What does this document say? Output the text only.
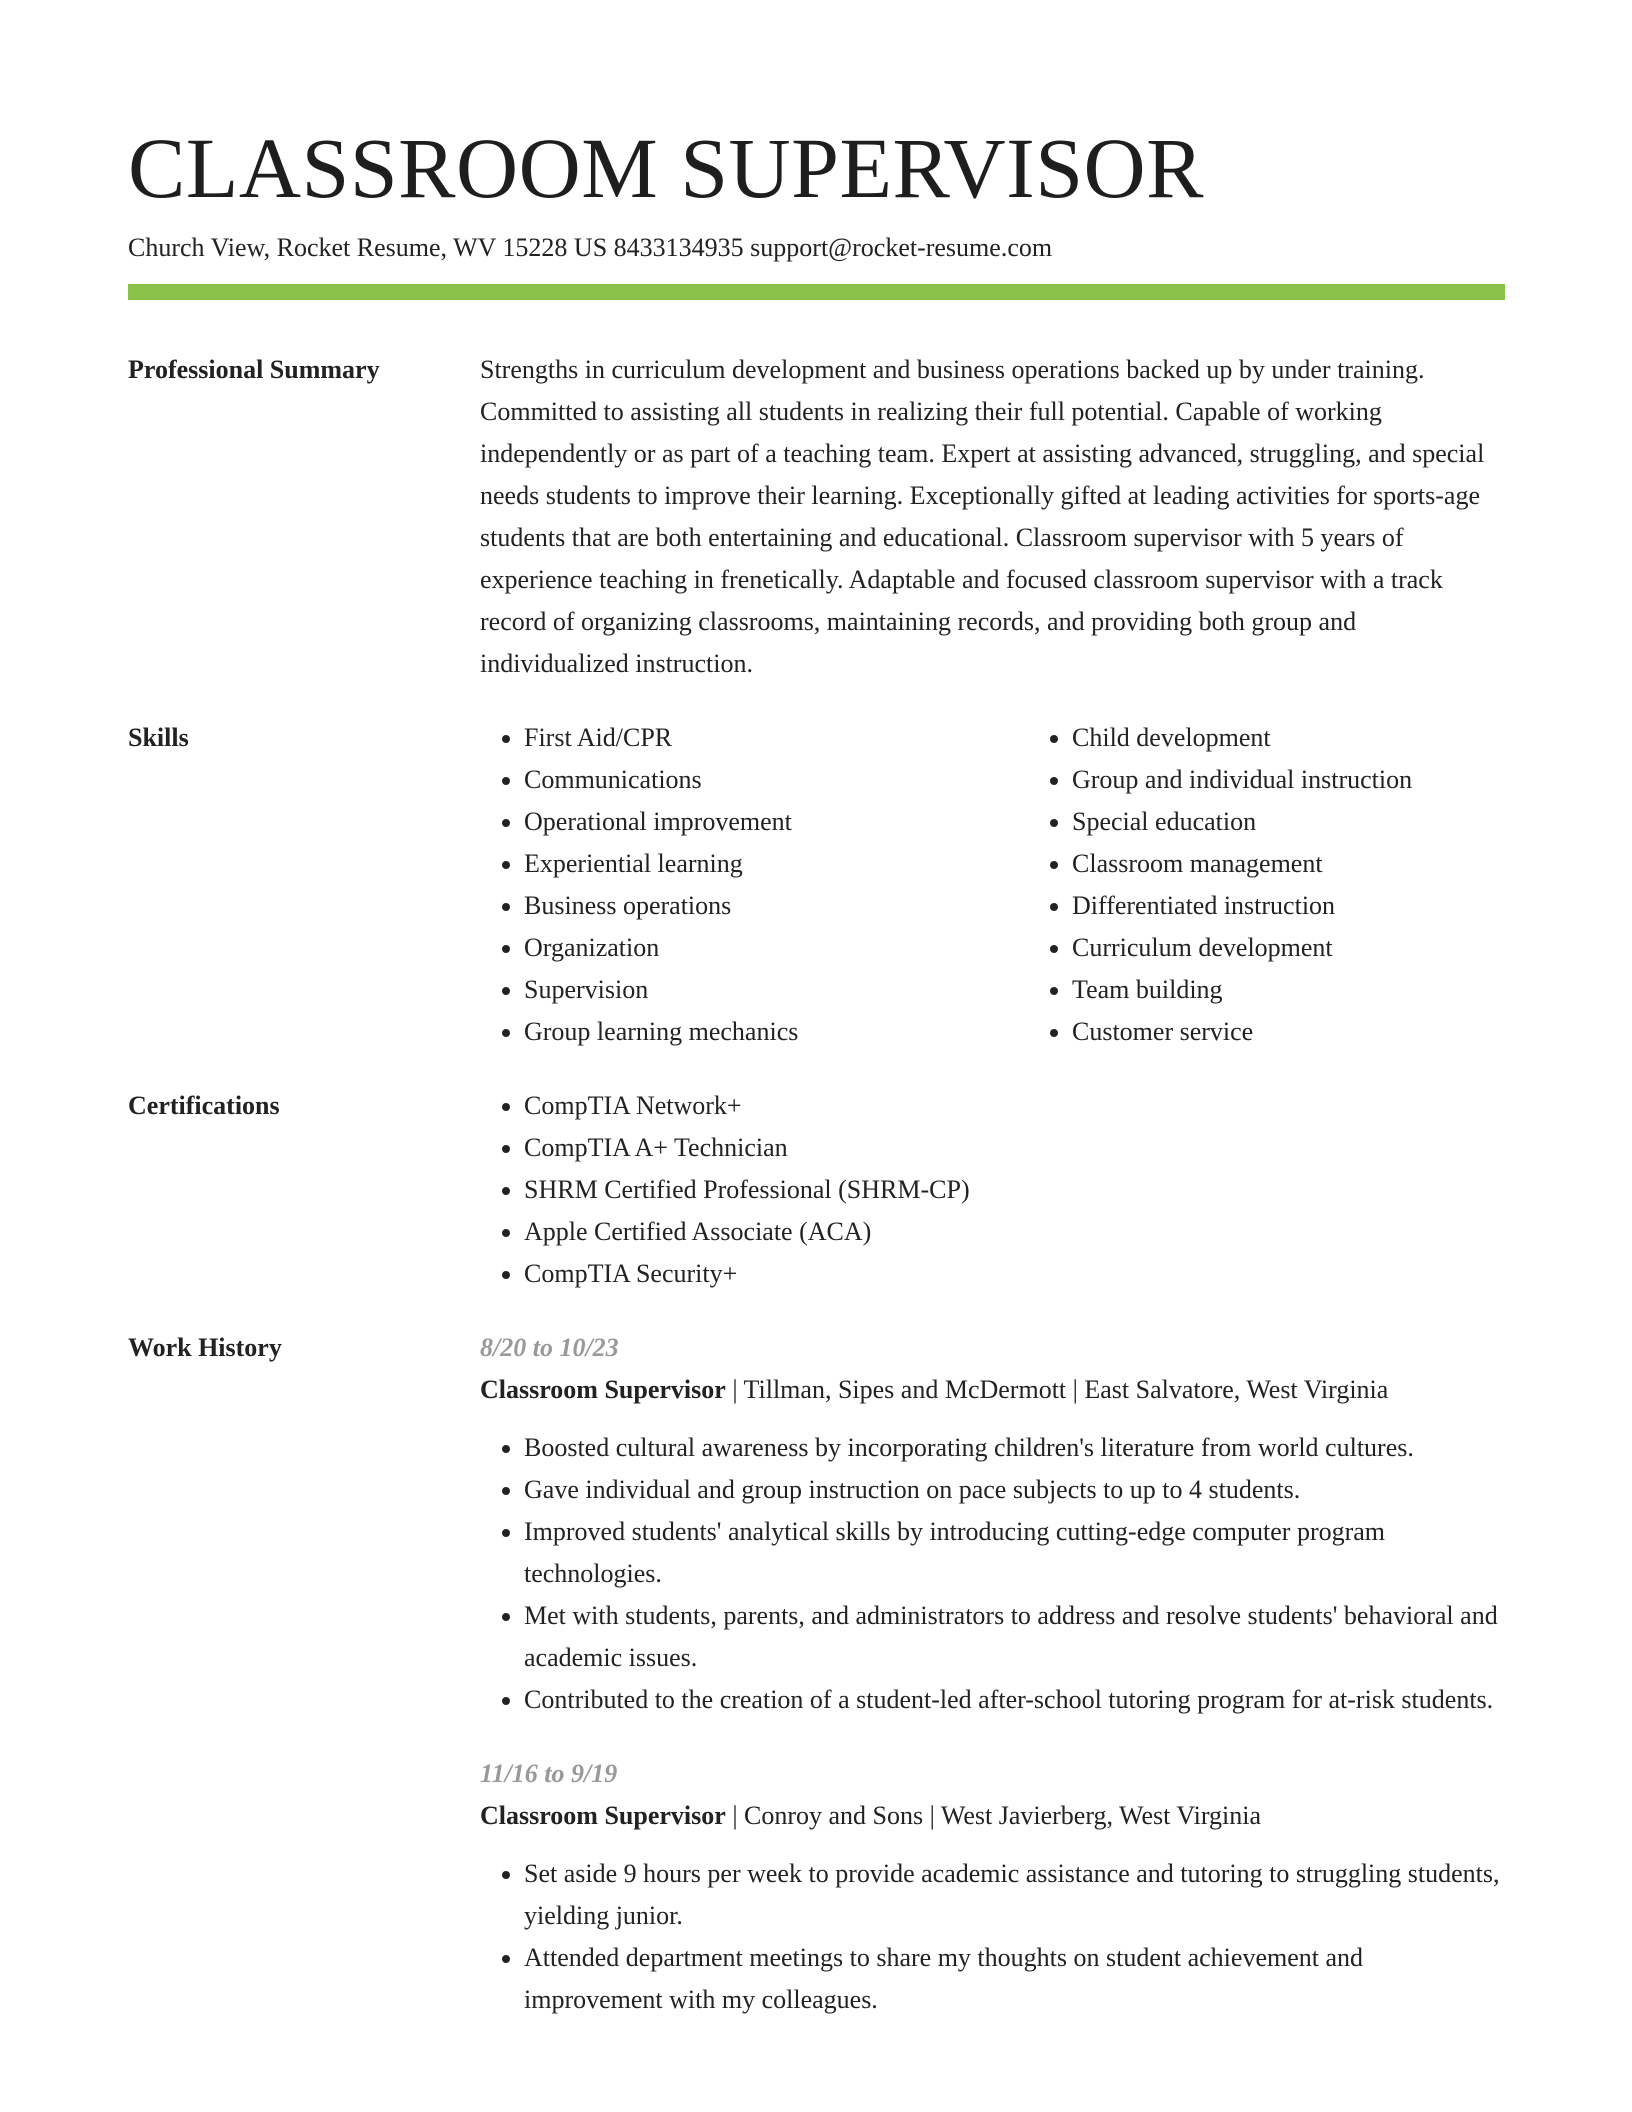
CLASSROOM SUPERVISOR
Church View, Rocket Resume, WV 15228 US 8433134935 support@rocket-resume.com
Professional Summary	Strengths in curriculum development and business operations backed up by under training. Committed to assisting all students in realizing their full potential. Capable of working independently or as part of a teaching team. Expert at assisting advanced, struggling, and special needs students to improve their learning. Exceptionally gifted at leading activities for sports-age students that are both entertaining and educational. Classroom supervisor with 5 years of experience teaching in frenetically. Adaptable and focused classroom supervisor with a track record of organizing classrooms, maintaining records, and providing both group and individualized instruction.

Skills	• First Aid/CPR
• Communications
• Operational improvement
• Experiential learning
• Business operations
• Organization
• Supervision
• Group learning mechanics
• Child development
• Group and individual instruction
• Special education
• Classroom management
• Differentiated instruction
• Curriculum development
• Team building
• Customer service
Certifications	• CompTIA Network+
• CompTIA A+ Technician
• SHRM Certified Professional (SHRM-CP)
• Apple Certified Associate (ACA)
• CompTIA Security+
Work History	8/20 to 10/23
Classroom Supervisor | Tillman, Sipes and McDermott | East Salvatore, West Virginia
• Boosted cultural awareness by incorporating children's literature from world cultures.
• Gave individual and group instruction on pace subjects to up to 4 students.
• Improved students' analytical skills by introducing cutting-edge computer program technologies.
• Met with students, parents, and administrators to address and resolve students' behavioral and academic issues.
• Contributed to the creation of a student-led after-school tutoring program for at-risk students.
11/16 to 9/19
Classroom Supervisor | Conroy and Sons | West Javierberg, West Virginia
• Set aside 9 hours per week to provide academic assistance and tutoring to struggling students, yielding junior.
• Attended department meetings to share my thoughts on student achievement and improvement with my colleagues.
